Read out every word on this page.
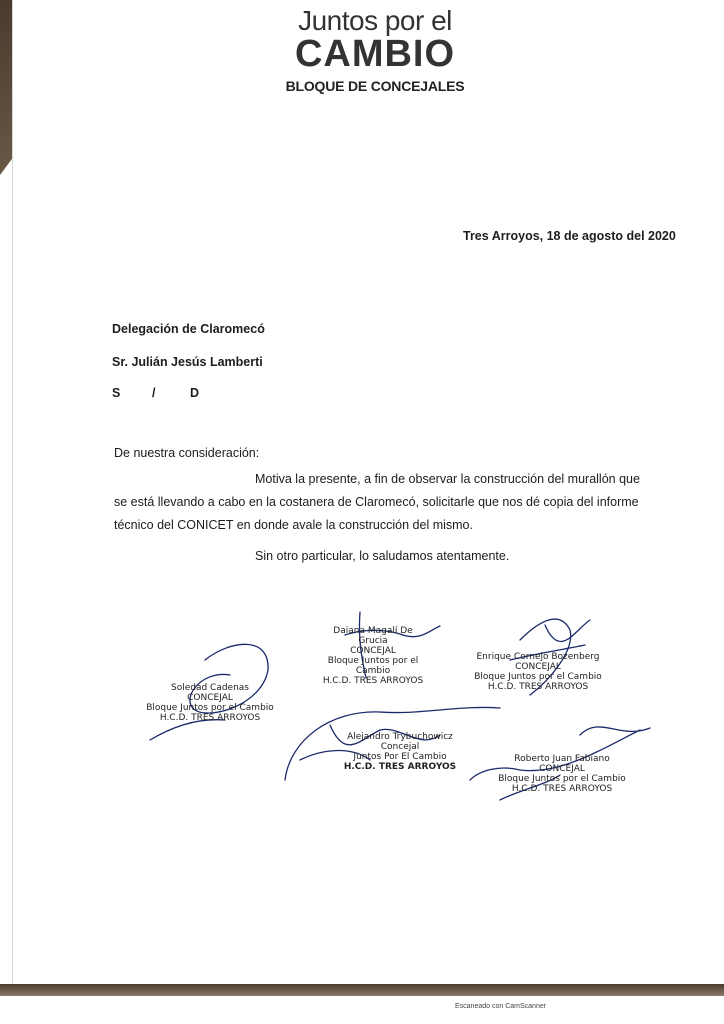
Juntos por el
CAMBIO
BLOQUE DE CONCEJALES
Tres Arroyos, 18 de agosto del 2020
Delegación de Claromecó
Sr. Julián Jesús Lamberti
S	/	D
De nuestra consideración:
Motiva la presente, a fin de observar la construcción del murallón que
se está llevando a cabo en la costanera de Claromecó, solicitarle que nos dé copia del informe
técnico del CONICET en donde avale la construcción del mismo.
Sin otro particular, lo saludamos atentamente.
Daiana Magalí De Grucia
CONCEJAL
Bloque Juntos por el Cambio
H.C.D. TRES ARROYOS
Enrique Cornejo Bozenberg
CONCEJAL
Bloque Juntos por el Cambio
H.C.D. TRES ARROYOS
Soledad Cadenas
CONCEJAL
Bloque Juntos por el Cambio
H.C.D. TRES ARROYOS
Alejandro Trybuchowicz
Concejal
Juntos Por El Cambio
H.C.D. TRES ARROYOS
Roberto Juan Fabiano
CONCEJAL
Bloque Juntos por el Cambio
H.C.D. TRES ARROYOS
Escaneado con CamScanner
